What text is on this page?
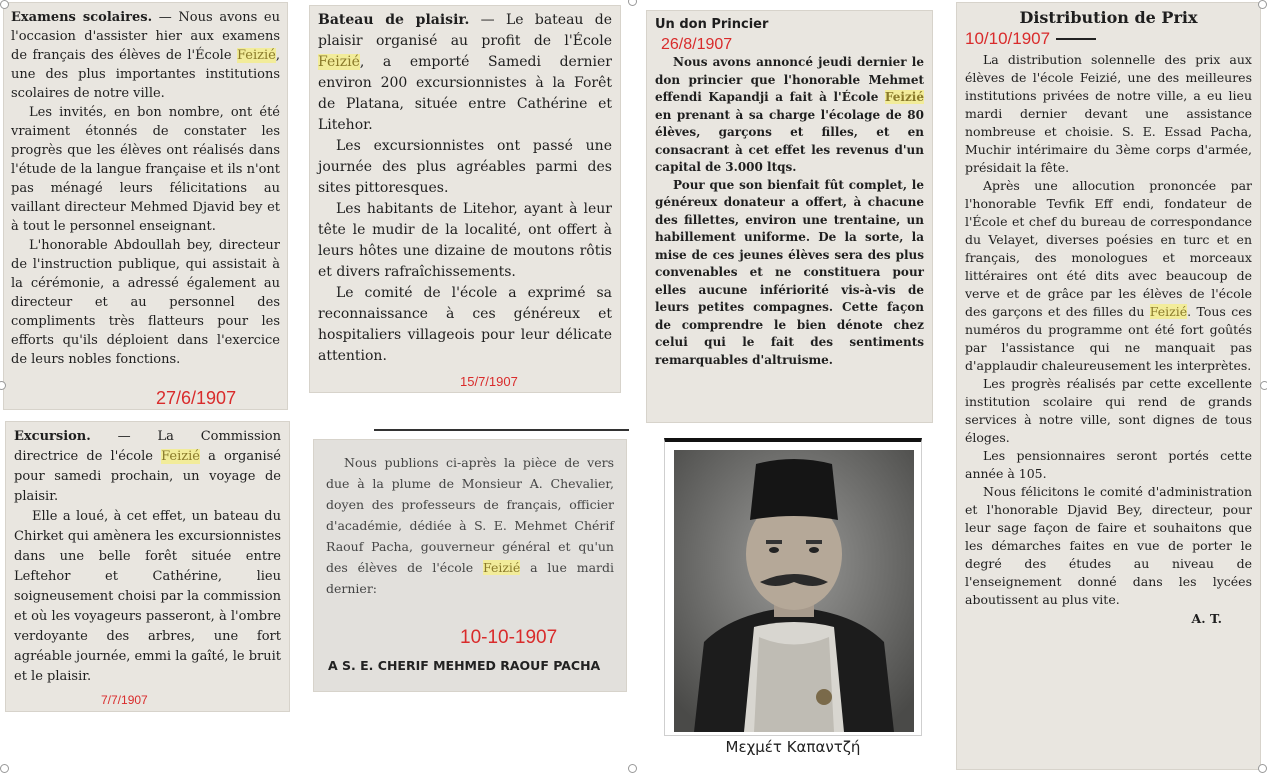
Examens scolaires. — Nous avons eu l'occasion d'assister hier aux examens de français des élèves de l'École Feizié, une des plus importantes institutions scolaires de notre ville.

Les invités, en bon nombre, ont été vraiment étonnés de constater les progrès que les élèves ont réalisés dans l'étude de la langue française et ils n'ont pas ménagé leurs félicitations au vaillant directeur Mehmed Djavid bey et à tout le personnel enseignant.

L'honorable Abdoullah bey, directeur de l'instruction publique, qui assistait à la cérémonie, a adressé également au directeur et au personnel des compliments très flatteurs pour les efforts qu'ils déploient dans l'exercice de leurs nobles fonctions.

27/6/1907

Bateau de plaisir. — Le bateau de plaisir organisé au profit de l'École Feizié, a emporté Samedi dernier environ 200 excursionnistes à la Forêt de Platana, située entre Cathérine et Litehor.

Les excursionnistes ont passé une journée des plus agréables parmi des sites pittoresques.

Les habitants de Litehor, ayant à leur tête le mudir de la localité, ont offert à leurs hôtes une dizaine de moutons rôtis et divers rafraîchissements.

Le comité de l'école a exprimé sa reconnaissance à ces généreux et hospitaliers villageois pour leur délicate attention.

15/7/1907

Un don Princier

26/8/1907

Nous avons annoncé jeudi dernier le don princier que l'honorable Mehmet effendi Kapandji a fait à l'École Feizié en prenant à sa charge l'écolage de 80 élèves, garçons et filles, et en consacrant à cet effet les revenus d'un capital de 3.000 ltqs.

Pour que son bienfait fût complet, le généreux donateur a offert, à chacune des fillettes, environ une trentaine, un habillement uniforme. De la sorte, la mise de ces jeunes élèves sera des plus convenables et ne constituera pour elles aucune infériorité vis-à-vis de leurs petites compagnes. Cette façon de comprendre le bien dénote chez celui qui le fait des sentiments remarquables d'altruisme.

Distribution de Prix

10/10/1907

La distribution solennelle des prix aux élèves de l'école Feizié, une des meilleures institutions privées de notre ville, a eu lieu mardi dernier devant une assistance nombreuse et choisie. S. E. Essad Pacha, Muchir intérimaire du 3ème corps d'armée, présidait la fête.

Après une allocution prononcée par l'honorable Tevfik Eff endi, fondateur de l'École et chef du bureau de correspondance du Velayet, diverses poésies en turc et en français, des monologues et morceaux littéraires ont été dits avec beaucoup de verve et de grâce par les élèves de l'école des garçons et des filles du Feizié. Tous ces numéros du programme ont été fort goûtés par l'assistance qui ne manquait pas d'applaudir chaleureusement les interprètes.

Les progrès réalisés par cette excellente institution scolaire qui rend de grands services à notre ville, sont dignes de tous éloges.

Les pensionnaires seront portés cette année à 105.

Nous félicitons le comité d'administration et l'honorable Djavid Bey, directeur, pour leur sage façon de faire et souhaitons que les démarches faites en vue de porter le degré des études au niveau de l'enseignement donné dans les lycées aboutissent au plus vite.

A. T.

Excursion. — La Commission directrice de l'école Feizié a organisé pour samedi prochain, un voyage de plaisir.

Elle a loué, à cet effet, un bateau du Chirket qui amènera les excursionnistes dans une belle forêt située entre Leftehor et Cathérine, lieu soigneusement choisi par la commission et où les voyageurs passeront, à l'ombre verdoyante des arbres, une fort agréable journée, emmi la gaîté, le bruit et le plaisir.

7/7/1907

Nous publions ci-après la pièce de vers due à la plume de Monsieur A. Chevalier, doyen des professeurs de français, officier d'académie, dédiée à S. E. Mehmet Chérif Raouf Pacha, gouverneur général et qu'un des élèves de l'école Feizié a lue mardi dernier:

10-10-1907
A S. E. CHERIF MEHMED RAOUF PACHA
Μεχμέτ Καπαντζή
